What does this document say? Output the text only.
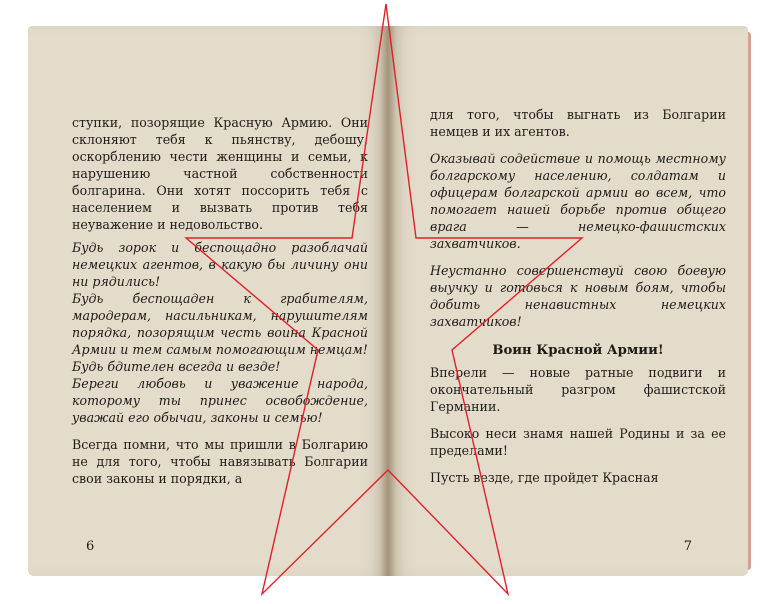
ступки, позорящие Красную Армию. Они склоняют тебя к пьянству, дебошу, оскорблению чести женщины и семьи, к нарушению частной собственности болгарина. Они хотят поссорить тебя с населением и вызвать против тебя неуважение и недовольство.

Будь зорок и беспощадно разоблачай немецких агентов, в какую бы личину они ни рядились!

Будь беспощаден к грабителям, мародерам, насильникам, нарушителям порядка, позорящим честь воина Красной Армии и тем самым помогающим немцам!

Будь бдителен всегда и везде!

Береги любовь и уважение народа, которому ты принес освобождение, уважай его обычаи, законы и семью!

Всегда помни, что мы пришли в Болгарию не для того, чтобы навязывать Болгарии свои законы и порядки, а

6

для того, чтобы выгнать из Болгарии немцев и их агентов.

Оказывай содействие и помощь местному болгарскому населению, солдатам и офицерам болгарской армии во всем, что помогает нашей борьбе против общего врага — немецко-фашистских захватчиков.

Неустанно совершенствуй свою боевую выучку и готовься к новым боям, чтобы добить ненавистных немецких захватчиков!

Воин Красной Армии!

Вперели — новые ратные подвиги и окончательный разгром фашистской Германии.

Высоко неси знамя нашей Родины и за ее пределами!

Пусть везде, где пройдет Красная

7
